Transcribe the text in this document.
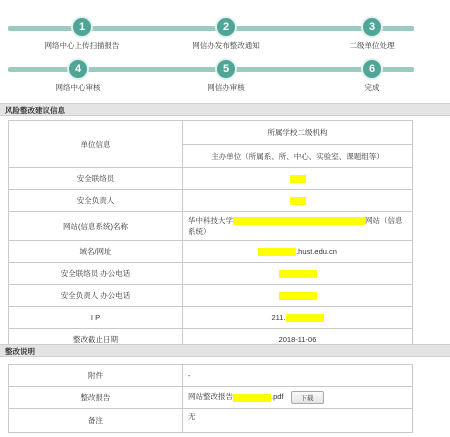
1
网络中心上传扫描报告
2
网信办发布整改通知
3
二级单位处理
4
网络中心审核
5
网信办审核
6
完成
风险整改建议信息
单位信息	所属学校二级机构
	主办单位（所属系、所、中心、实验室、课题组等）
安全联络员	
安全负责人	
网站(信息系统)名称	华中科技大学 网站（信息系统）
域名/网址	.hust.edu.cn
安全联络员 办公电话	
安全负责人 办公电话	
I P	211.
整改截止日期	2018-11-06
整改说明
附件	-
整改报告	网站整改报告 .pdf 下载
备注	无
